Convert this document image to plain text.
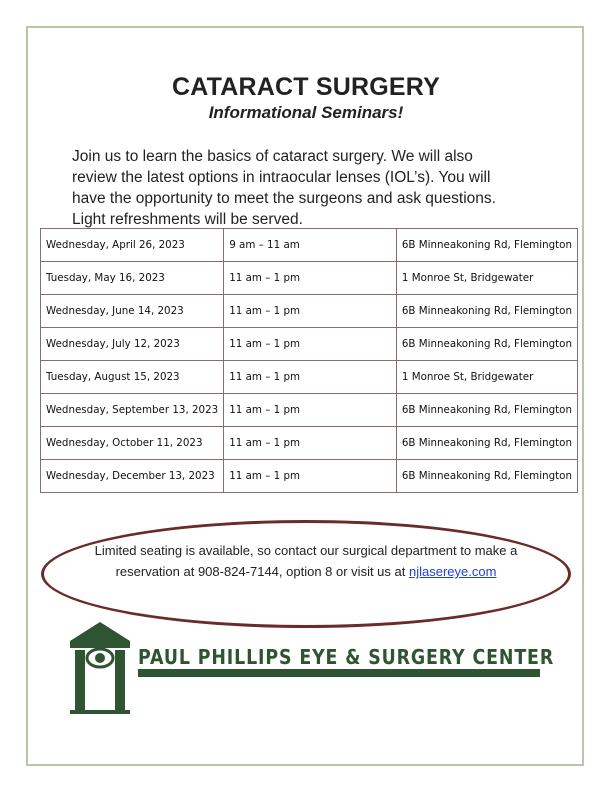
CATARACT SURGERY
Informational Seminars!
Join us to learn the basics of cataract surgery. We will also
review the latest options in intraocular lenses (IOL’s). You will
have the opportunity to meet the surgeons and ask questions.
Light refreshments will be served.
Wednesday, April 26, 2023	9 am – 11 am	6B Minneakoning Rd, Flemington
Tuesday, May 16, 2023	11 am – 1 pm	1 Monroe St, Bridgewater
Wednesday, June 14, 2023	11 am – 1 pm	6B Minneakoning Rd, Flemington
Wednesday, July 12, 2023	11 am – 1 pm	6B Minneakoning Rd, Flemington
Tuesday, August 15, 2023	11 am – 1 pm	1 Monroe St, Bridgewater
Wednesday, September 13, 2023	11 am – 1 pm	6B Minneakoning Rd, Flemington
Wednesday, October 11, 2023	11 am – 1 pm	6B Minneakoning Rd, Flemington
Wednesday, December 13, 2023	11 am – 1 pm	6B Minneakoning Rd, Flemington
Limited seating is available, so contact our surgical department to make a
reservation at 908-824-7144, option 8 or visit us at njlasereye.com
PAUL PHILLIPS EYE & SURGERY CENTER
